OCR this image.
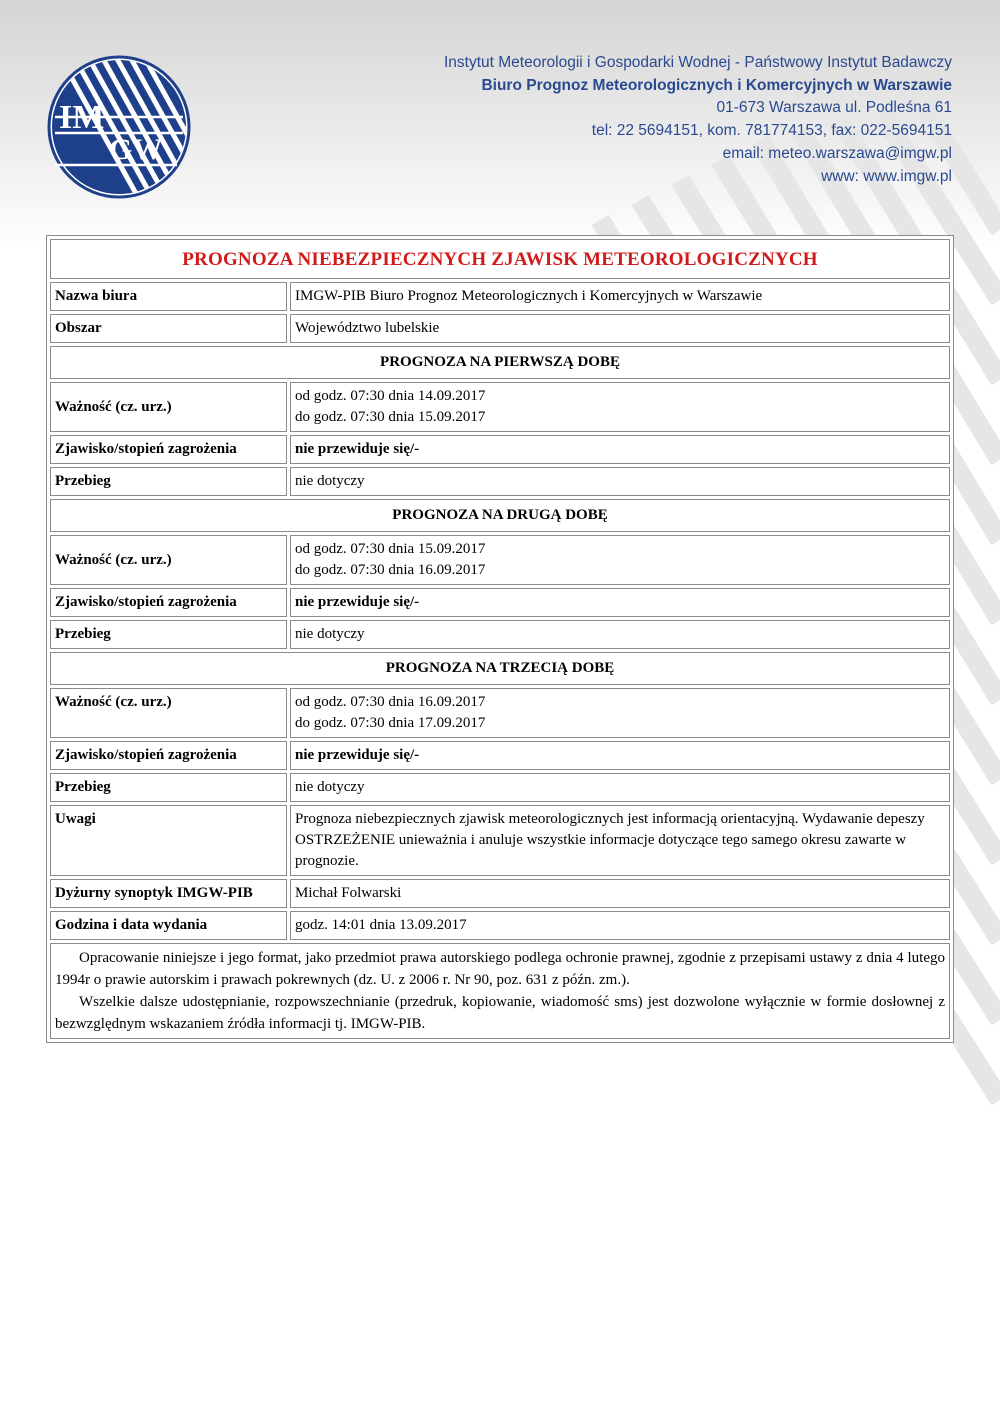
IM
GW
Instytut Meteorologii i Gospodarki Wodnej - Państwowy Instytut Badawczy
Biuro Prognoz Meteorologicznych i Komercyjnych w Warszawie
01-673 Warszawa ul. Podleśna 61
tel: 22 5694151, kom. 781774153, fax: 022-5694151
email: meteo.warszawa@imgw.pl
www: www.imgw.pl
PROGNOZA NIEBEZPIECZNYCH ZJAWISK METEOROLOGICZNYCH	
Nazwa biura	IMGW-PIB Biuro Prognoz Meteorologicznych i Komercyjnych w Warszawie
Obszar	Województwo lubelskie
PROGNOZA NA PIERWSZĄ DOBĘ	
Ważność (cz. urz.)	od godz. 07:30 dnia 14.09.2017
do godz. 07:30 dnia 15.09.2017

Zjawisko/stopień zagrożenia	nie przewiduje się/-
Przebieg	nie dotyczy
PROGNOZA NA DRUGĄ DOBĘ	
Ważność (cz. urz.)	od godz. 07:30 dnia 15.09.2017
do godz. 07:30 dnia 16.09.2017

Zjawisko/stopień zagrożenia	nie przewiduje się/-
Przebieg	nie dotyczy
PROGNOZA NA TRZECIĄ DOBĘ	
Ważność (cz. urz.)	od godz. 07:30 dnia 16.09.2017
do godz. 07:30 dnia 17.09.2017

Zjawisko/stopień zagrożenia	nie przewiduje się/-
Przebieg	nie dotyczy
Uwagi	Prognoza niebezpiecznych zjawisk meteorologicznych jest informacją orientacyjną. Wydawanie depeszy OSTRZEŻENIE unieważnia i anuluje wszystkie informacje dotyczące tego samego okresu zawarte w prognozie.
Dyżurny synoptyk IMGW-PIB	Michał Folwarski
Godzina i data wydania	godz. 14:01 dnia 13.09.2017

Opracowanie niniejsze i jego format, jako przedmiot prawa autorskiego podlega ochronie prawnej, zgodnie z przepisami ustawy z dnia 4 lutego 1994r o prawie autorskim i prawach pokrewnych (dz. U. z 2006 r. Nr 90, poz. 631 z późn. zm.).

Wszelkie dalsze udostępnianie, rozpowszechnianie (przedruk, kopiowanie, wiadomość sms) jest dozwolone wyłącznie w formie dosłownej z bezwzględnym wskazaniem źródła informacji tj. IMGW-PIB.	
